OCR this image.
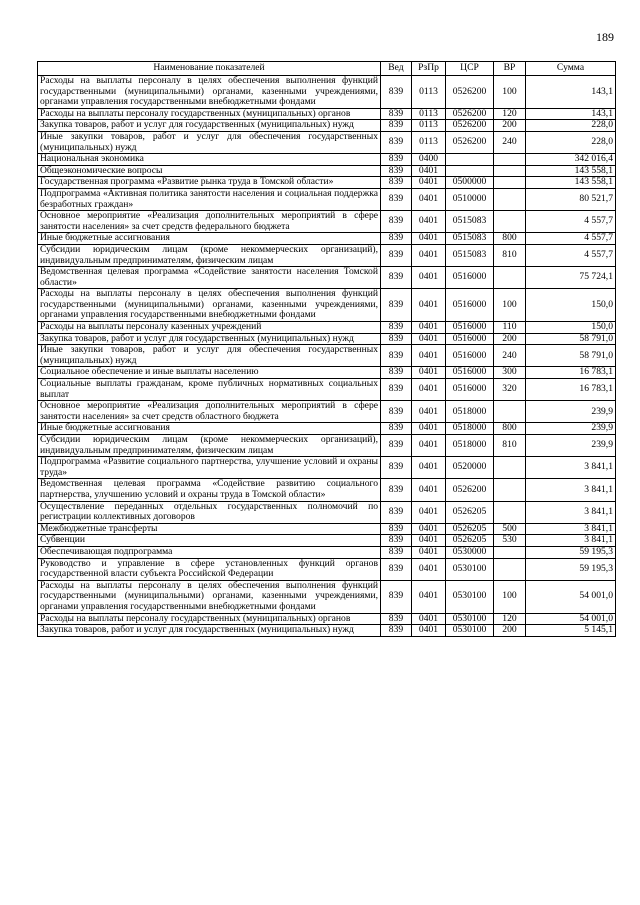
189
Наименование показателей	Вед	РзПр	ЦСР	ВР	Сумма
Расходы на выплаты персоналу в целях обеспечения выполнения функций государственными (муниципальными) органами, казенными учреждениями, органами управления государственными внебюджетными фондами	839	0113	0526200	100	143,1
Расходы на выплаты персоналу государственных (муниципальных) органов	839	0113	0526200	120	143,1
Закупка товаров, работ и услуг для государственных (муниципальных) нужд	839	0113	0526200	200	228,0
Иные закупки товаров, работ и услуг для обеспечения государственных (муниципальных) нужд	839	0113	0526200	240	228,0
Национальная экономика	839	0400			342 016,4
Общеэкономические вопросы	839	0401			143 558,1
Государственная программа «Развитие рынка труда в Томской области»	839	0401	0500000		143 558,1
Подпрограмма «Активная политика занятости населения и социальная поддержка безработных граждан»	839	0401	0510000		80 521,7
Основное мероприятие «Реализация дополнительных мероприятий в сфере занятости населения» за счет средств федерального бюджета	839	0401	0515083		4 557,7
Иные бюджетные ассигнования	839	0401	0515083	800	4 557,7
Субсидии юридическим лицам (кроме некоммерческих организаций), индивидуальным предпринимателям, физическим лицам	839	0401	0515083	810	4 557,7
Ведомственная целевая программа «Содействие занятости населения Томской области»	839	0401	0516000		75 724,1
Расходы на выплаты персоналу в целях обеспечения выполнения функций государственными (муниципальными) органами, казенными учреждениями, органами управления государственными внебюджетными фондами	839	0401	0516000	100	150,0
Расходы на выплаты персоналу казенных учреждений	839	0401	0516000	110	150,0
Закупка товаров, работ и услуг для государственных (муниципальных) нужд	839	0401	0516000	200	58 791,0
Иные закупки товаров, работ и услуг для обеспечения государственных (муниципальных) нужд	839	0401	0516000	240	58 791,0
Социальное обеспечение и иные выплаты населению	839	0401	0516000	300	16 783,1
Социальные выплаты гражданам, кроме публичных нормативных социальных выплат	839	0401	0516000	320	16 783,1
Основное мероприятие «Реализация дополнительных мероприятий в сфере занятости населения» за счет средств областного бюджета	839	0401	0518000		239,9
Иные бюджетные ассигнования	839	0401	0518000	800	239,9
Субсидии юридическим лицам (кроме некоммерческих организаций), индивидуальным предпринимателям, физическим лицам	839	0401	0518000	810	239,9
Подпрограмма «Развитие социального партнерства, улучшение условий и охраны труда»	839	0401	0520000		3 841,1
Ведомственная целевая программа «Содействие развитию социального партнерства, улучшению условий и охраны труда в Томской области»	839	0401	0526200		3 841,1
Осуществление переданных отдельных государственных полномочий по регистрации коллективных договоров	839	0401	0526205		3 841,1
Межбюджетные трансферты	839	0401	0526205	500	3 841,1
Субвенции	839	0401	0526205	530	3 841,1
Обеспечивающая подпрограмма	839	0401	0530000		59 195,3
Руководство и управление в сфере установленных функций органов государственной власти субъекта Российской Федерации	839	0401	0530100		59 195,3
Расходы на выплаты персоналу в целях обеспечения выполнения функций государственными (муниципальными) органами, казенными учреждениями, органами управления государственными внебюджетными фондами	839	0401	0530100	100	54 001,0
Расходы на выплаты персоналу государственных (муниципальных) органов	839	0401	0530100	120	54 001,0
Закупка товаров, работ и услуг для государственных (муниципальных) нужд	839	0401	0530100	200	5 145,1
